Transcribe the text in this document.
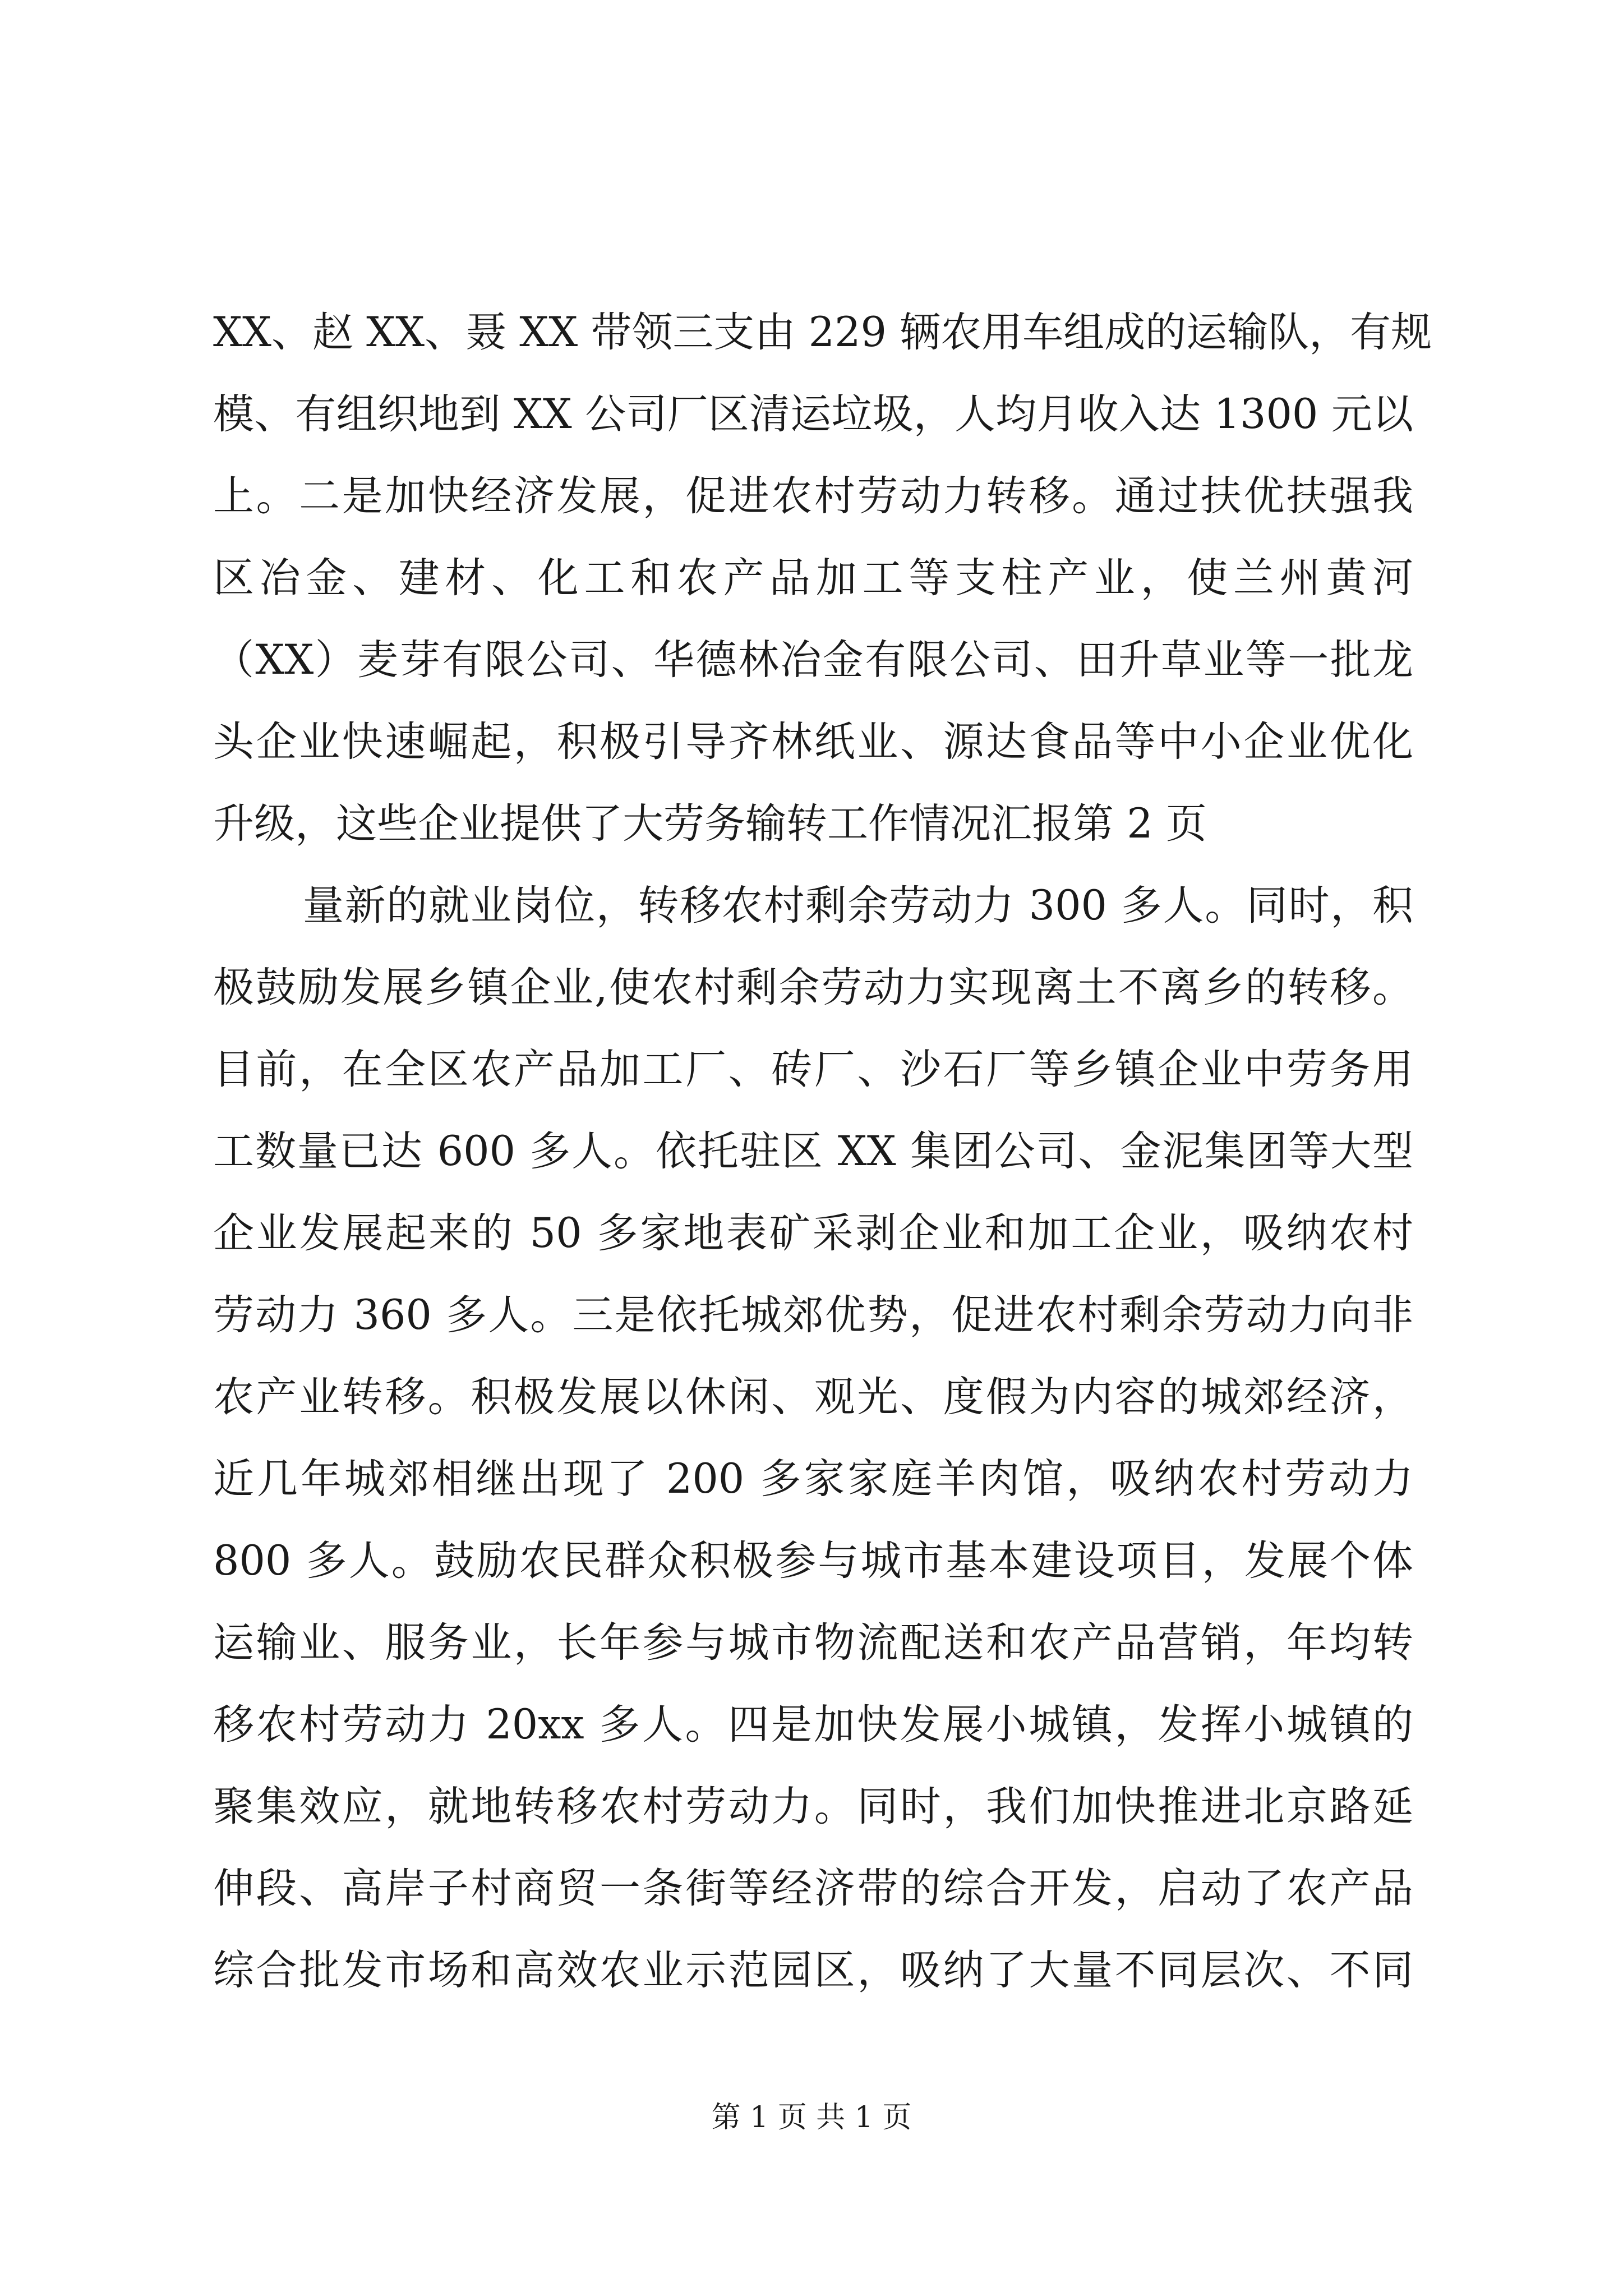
XX、赵 XX、聂 XX 带领三支由 229 辆农用车组成的运输队，有规
模、有组织地到 XX 公司厂区清运垃圾，人均月收入达 1300 元以
上。二是加快经济发展，促进农村劳动力转移。通过扶优扶强我
区冶金、建材、化工和农产品加工等支柱产业，使兰州黄河
（XX）麦芽有限公司、华德林冶金有限公司、田升草业等一批龙
头企业快速崛起，积极引导齐林纸业、源达食品等中小企业优化
升级，这些企业提供了大劳务输转工作情况汇报第 2 页
量新的就业岗位，转移农村剩余劳动力 300 多人。同时，积
极鼓励发展乡镇企业,使农村剩余劳动力实现离土不离乡的转移。
目前，在全区农产品加工厂、砖厂、沙石厂等乡镇企业中劳务用
工数量已达 600 多人。依托驻区 XX 集团公司、金泥集团等大型
企业发展起来的 50 多家地表矿采剥企业和加工企业，吸纳农村
劳动力 360 多人。三是依托城郊优势，促进农村剩余劳动力向非
农产业转移。积极发展以休闲、观光、度假为内容的城郊经济，
近几年城郊相继出现了 200 多家家庭羊肉馆，吸纳农村劳动力
800 多人。鼓励农民群众积极参与城市基本建设项目，发展个体
运输业、服务业，长年参与城市物流配送和农产品营销，年均转
移农村劳动力 20xx 多人。四是加快发展小城镇，发挥小城镇的
聚集效应，就地转移农村劳动力。同时，我们加快推进北京路延
伸段、高岸子村商贸一条街等经济带的综合开发，启动了农产品
综合批发市场和高效农业示范园区，吸纳了大量不同层次、不同
第 1 页 共 1 页
